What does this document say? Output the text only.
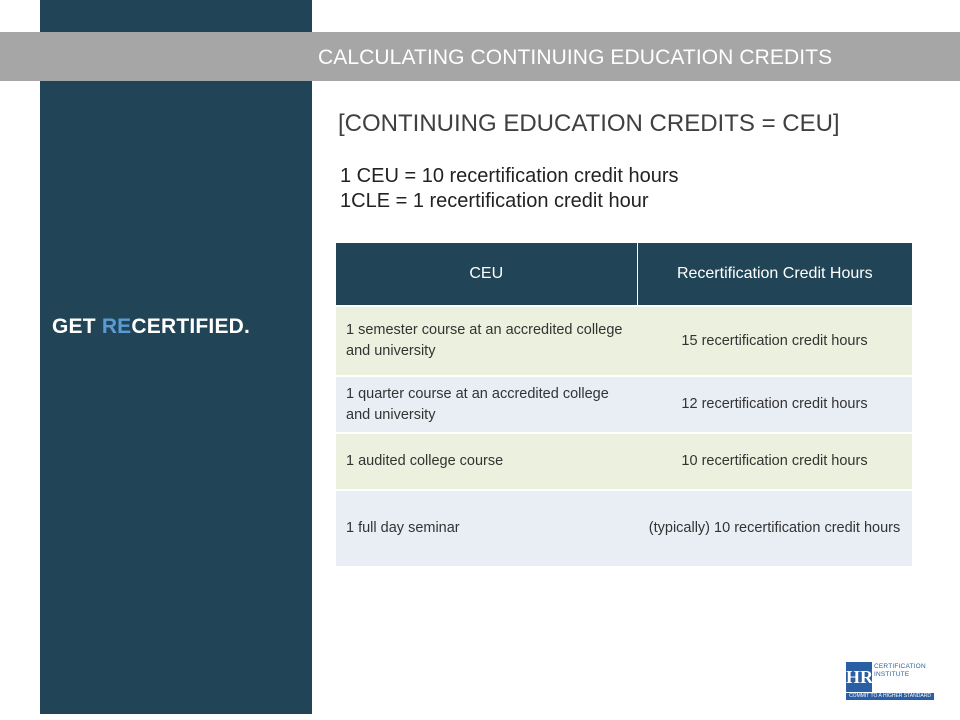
GET RECERTIFIED.
CALCULATING CONTINUING EDUCATION CREDITS
[CONTINUING EDUCATION CREDITS = CEU]
1 CEU = 10 recertification credit hours
1CLE = 1 recertification credit hour
CEU	Recertification Credit Hours
1 semester course at an accredited college and university	15 recertification credit hours
1 quarter course at an accredited college and university	12 recertification credit hours
1 audited college course	10 recertification credit hours
1 full day seminar	(typically) 10 recertification credit hours
HR
CERTIFICATION
INSTITUTE
COMMIT TO A HIGHER STANDARD
